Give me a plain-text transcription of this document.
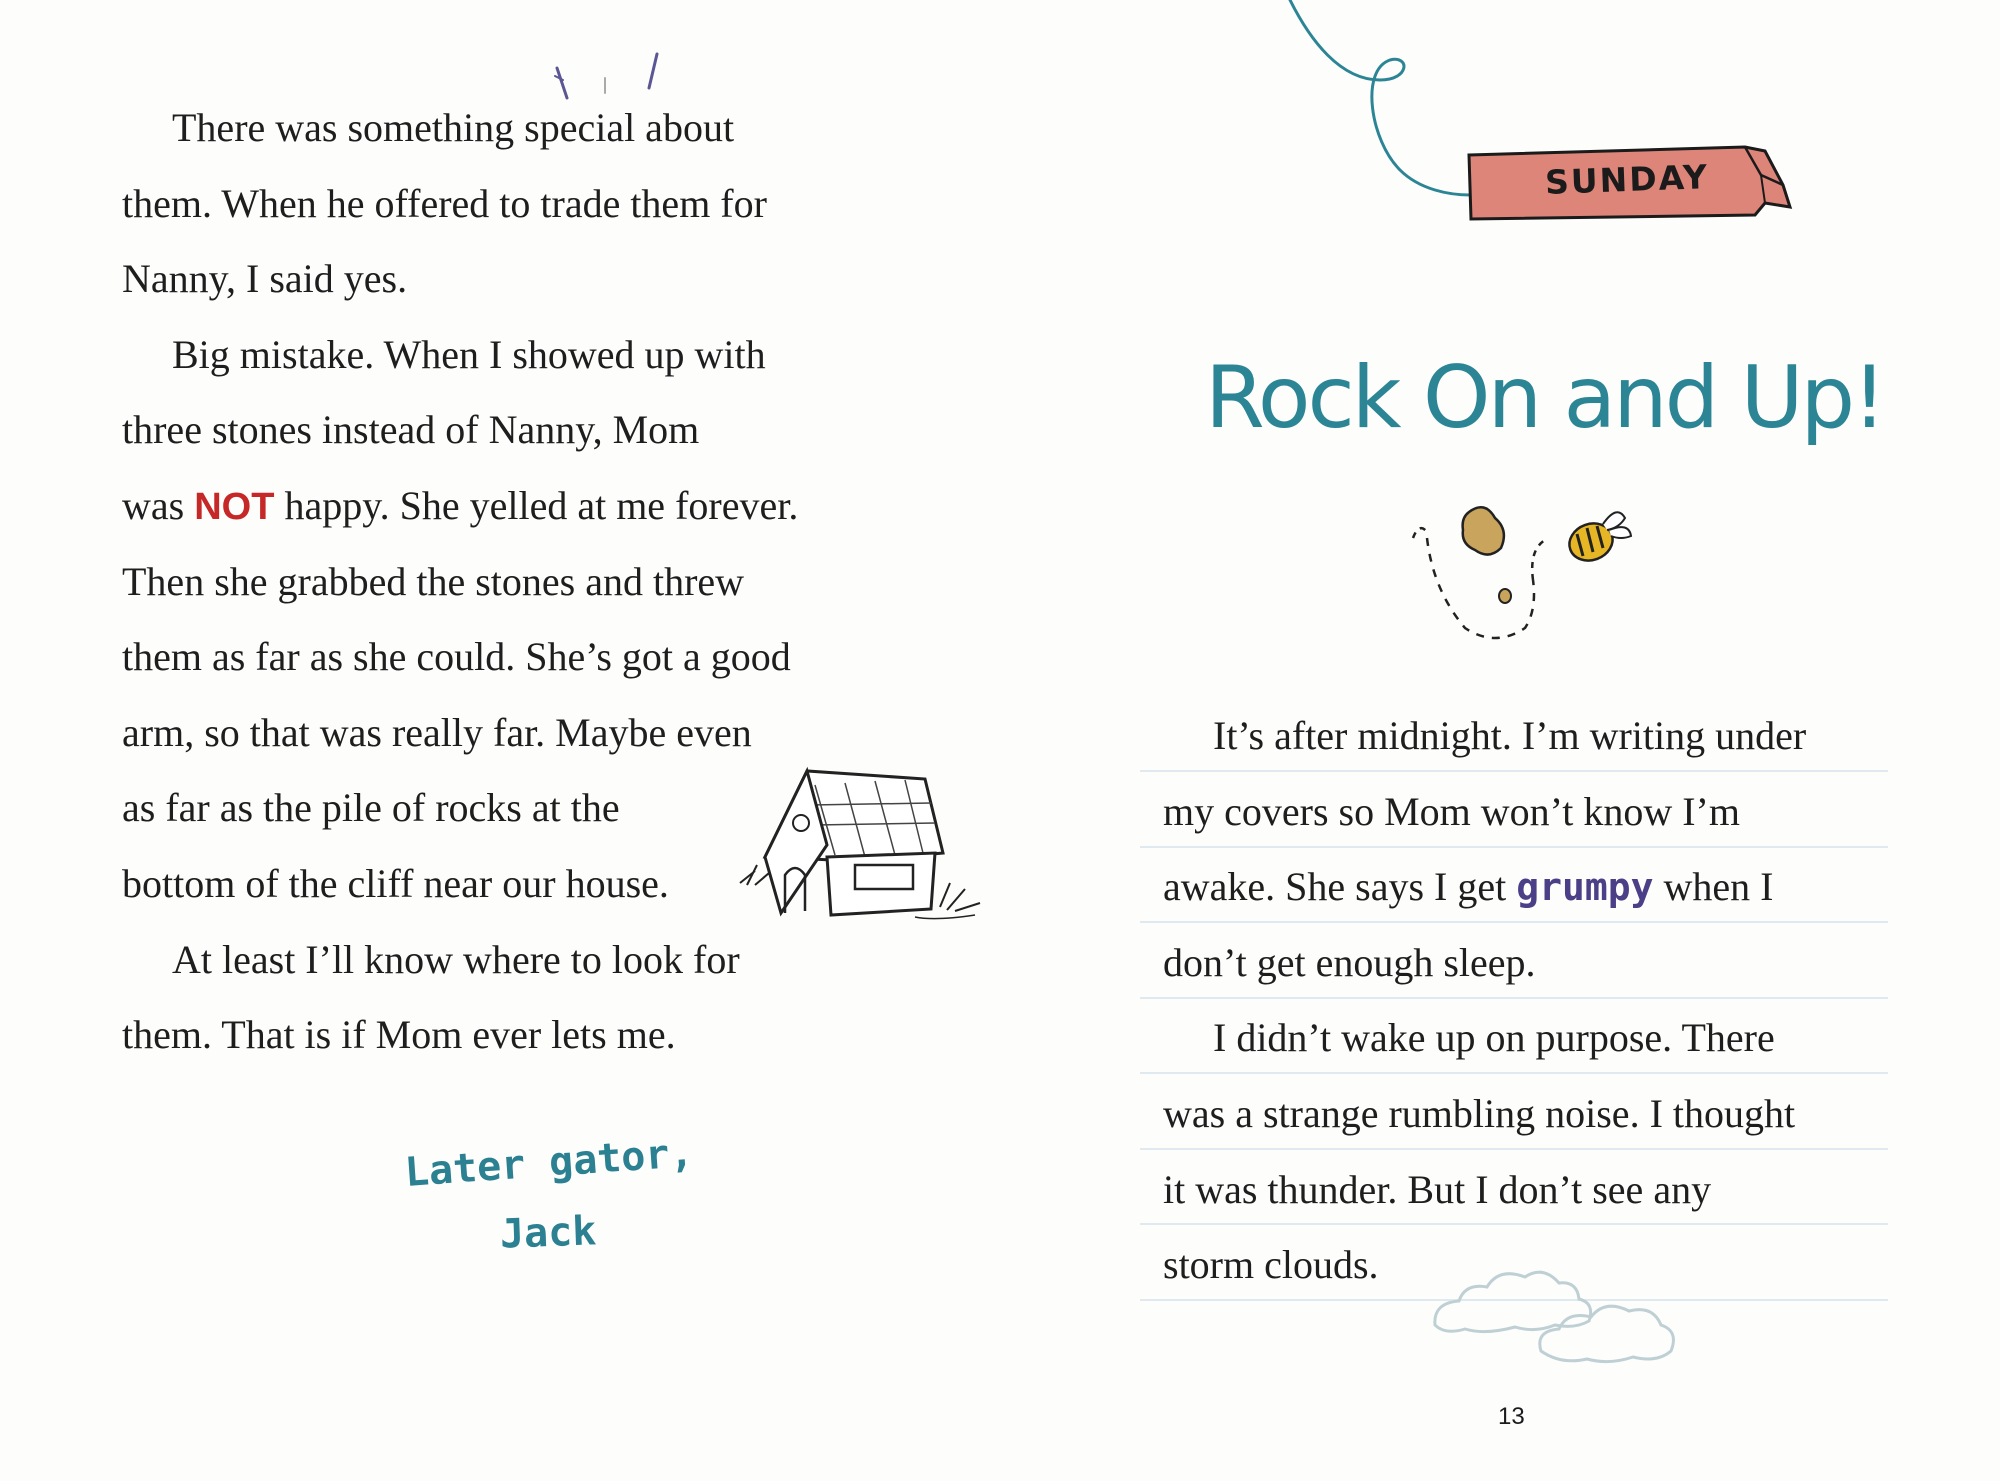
There was something special about
them. When he offered to trade them for
Nanny, I said yes.
Big mistake. When I showed up with
three stones instead of Nanny, Mom
was NOT happy. She yelled at me forever.
Then she grabbed the stones and threw
them as far as she could. She’s got a good
arm, so that was really far. Maybe even
as far as the pile of rocks at the
bottom of the cliff near our house.
At least I’ll know where to look for
them. That is if Mom ever lets me.
Later gator,
Jack
SUNDAY
Rock On and Up!
It’s after midnight. I’m writing under
my covers so Mom won’t know I’m
awake. She says I get grumpy when I
don’t get enough sleep.
I didn’t wake up on purpose. There
was a strange rumbling noise. I thought
it was thunder. But I don’t see any
storm clouds.
13
